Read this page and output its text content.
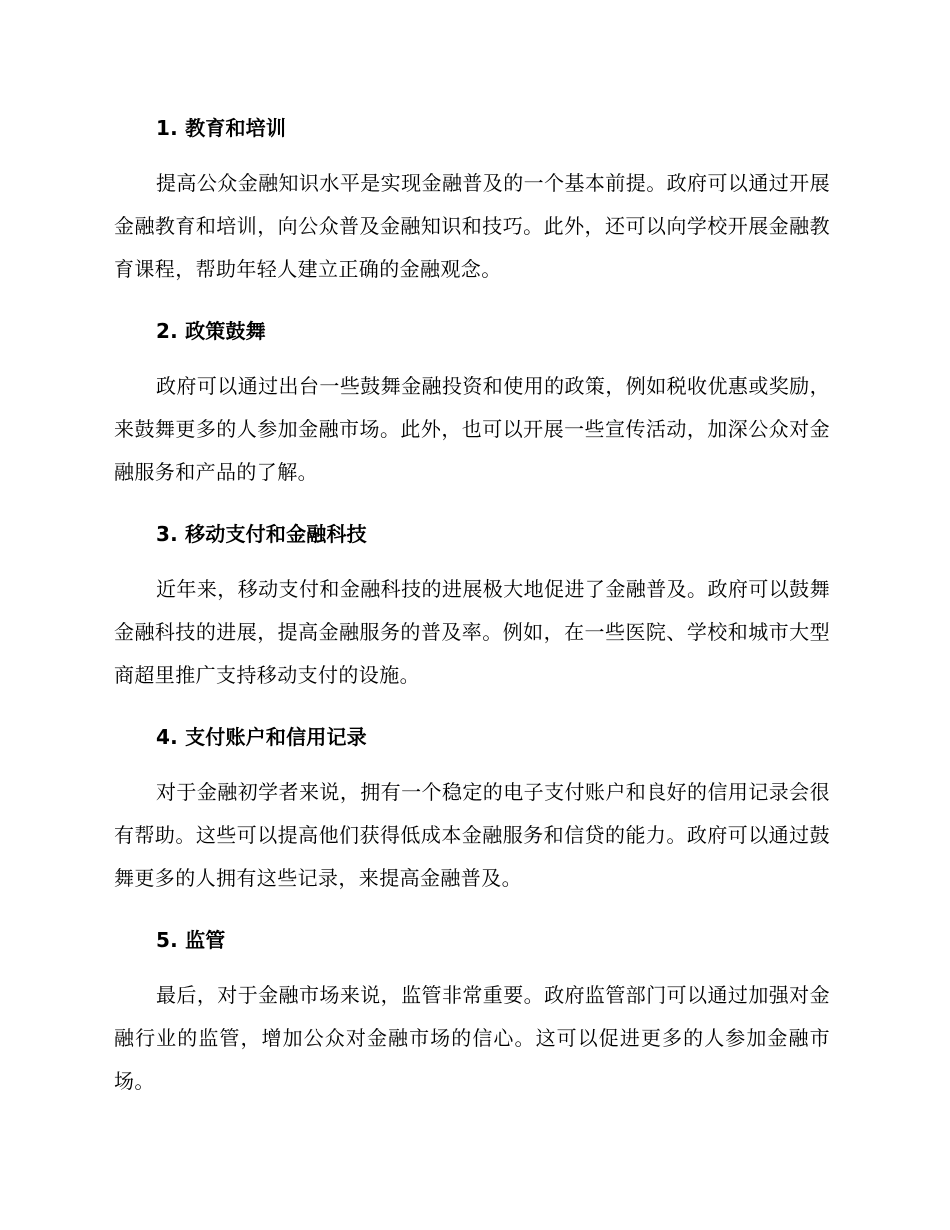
1. 教育和培训

提高公众金融知识水平是实现金融普及的一个基本前提。政府可以通过开展金融教育和培训，向公众普及金融知识和技巧。此外，还可以向学校开展金融教育课程，帮助年轻人建立正确的金融观念。

2. 政策鼓舞

政府可以通过出台一些鼓舞金融投资和使用的政策，例如税收优惠或奖励，来鼓舞更多的人参加金融市场。此外，也可以开展一些宣传活动，加深公众对金融服务和产品的了解。

3. 移动支付和金融科技

近年来，移动支付和金融科技的进展极大地促进了金融普及。政府可以鼓舞金融科技的进展，提高金融服务的普及率。例如，在一些医院、学校和城市大型商超里推广支持移动支付的设施。

4. 支付账户和信用记录

对于金融初学者来说，拥有一个稳定的电子支付账户和良好的信用记录会很有帮助。这些可以提高他们获得低成本金融服务和信贷的能力。政府可以通过鼓舞更多的人拥有这些记录，来提高金融普及。

5. 监管

最后，对于金融市场来说，监管非常重要。政府监管部门可以通过加强对金融行业的监管，增加公众对金融市场的信心。这可以促进更多的人参加金融市场。
